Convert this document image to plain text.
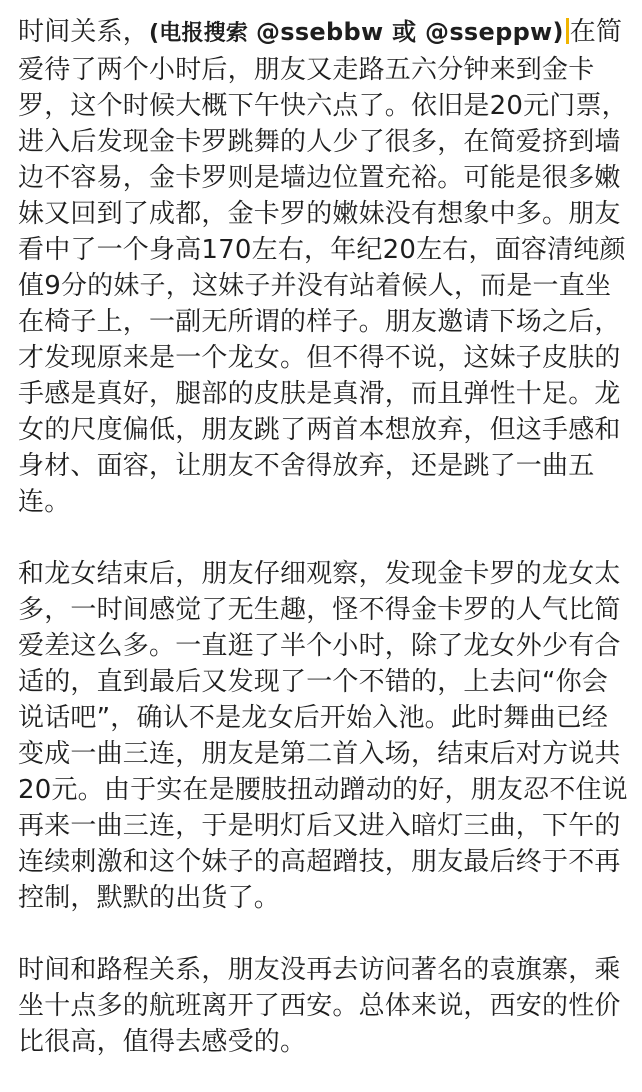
时间关系，(电报搜索 @ssebbw 或 @sseppw) 在简爱待了两个小时后，朋友又走路五六分钟来到金卡罗，这个时候大概下午快六点了。依旧是20元门票，进入后发现金卡罗跳舞的人少了很多，在简爱挤到墙边不容易，金卡罗则是墙边位置充裕。可能是很多嫩妹又回到了成都，金卡罗的嫩妹没有想象中多。朋友看中了一个身高170左右，年纪20左右，面容清纯颜值9分的妹子，这妹子并没有站着候人，而是一直坐在椅子上，一副无所谓的样子。朋友邀请下场之后，才发现原来是一个龙女。但不得不说，这妹子皮肤的手感是真好，腿部的皮肤是真滑，而且弹性十足。龙女的尺度偏低，朋友跳了两首本想放弃，但这手感和身材、面容，让朋友不舍得放弃，还是跳了一曲五连。

和龙女结束后，朋友仔细观察，发现金卡罗的龙女太多，一时间感觉了无生趣，怪不得金卡罗的人气比简爱差这么多。一直逛了半个小时，除了龙女外少有合适的，直到最后又发现了一个不错的，上去问“你会说话吧”，确认不是龙女后开始入池。此时舞曲已经变成一曲三连，朋友是第二首入场，结束后对方说共20元。由于实在是腰肢扭动蹭动的好，朋友忍不住说再来一曲三连，于是明灯后又进入暗灯三曲，下午的连续刺激和这个妹子的高超蹭技，朋友最后终于不再控制，默默的出货了。

时间和路程关系，朋友没再去访问著名的袁旗寨，乘坐十点多的航班离开了西安。总体来说，西安的性价比很高，值得去感受的。
